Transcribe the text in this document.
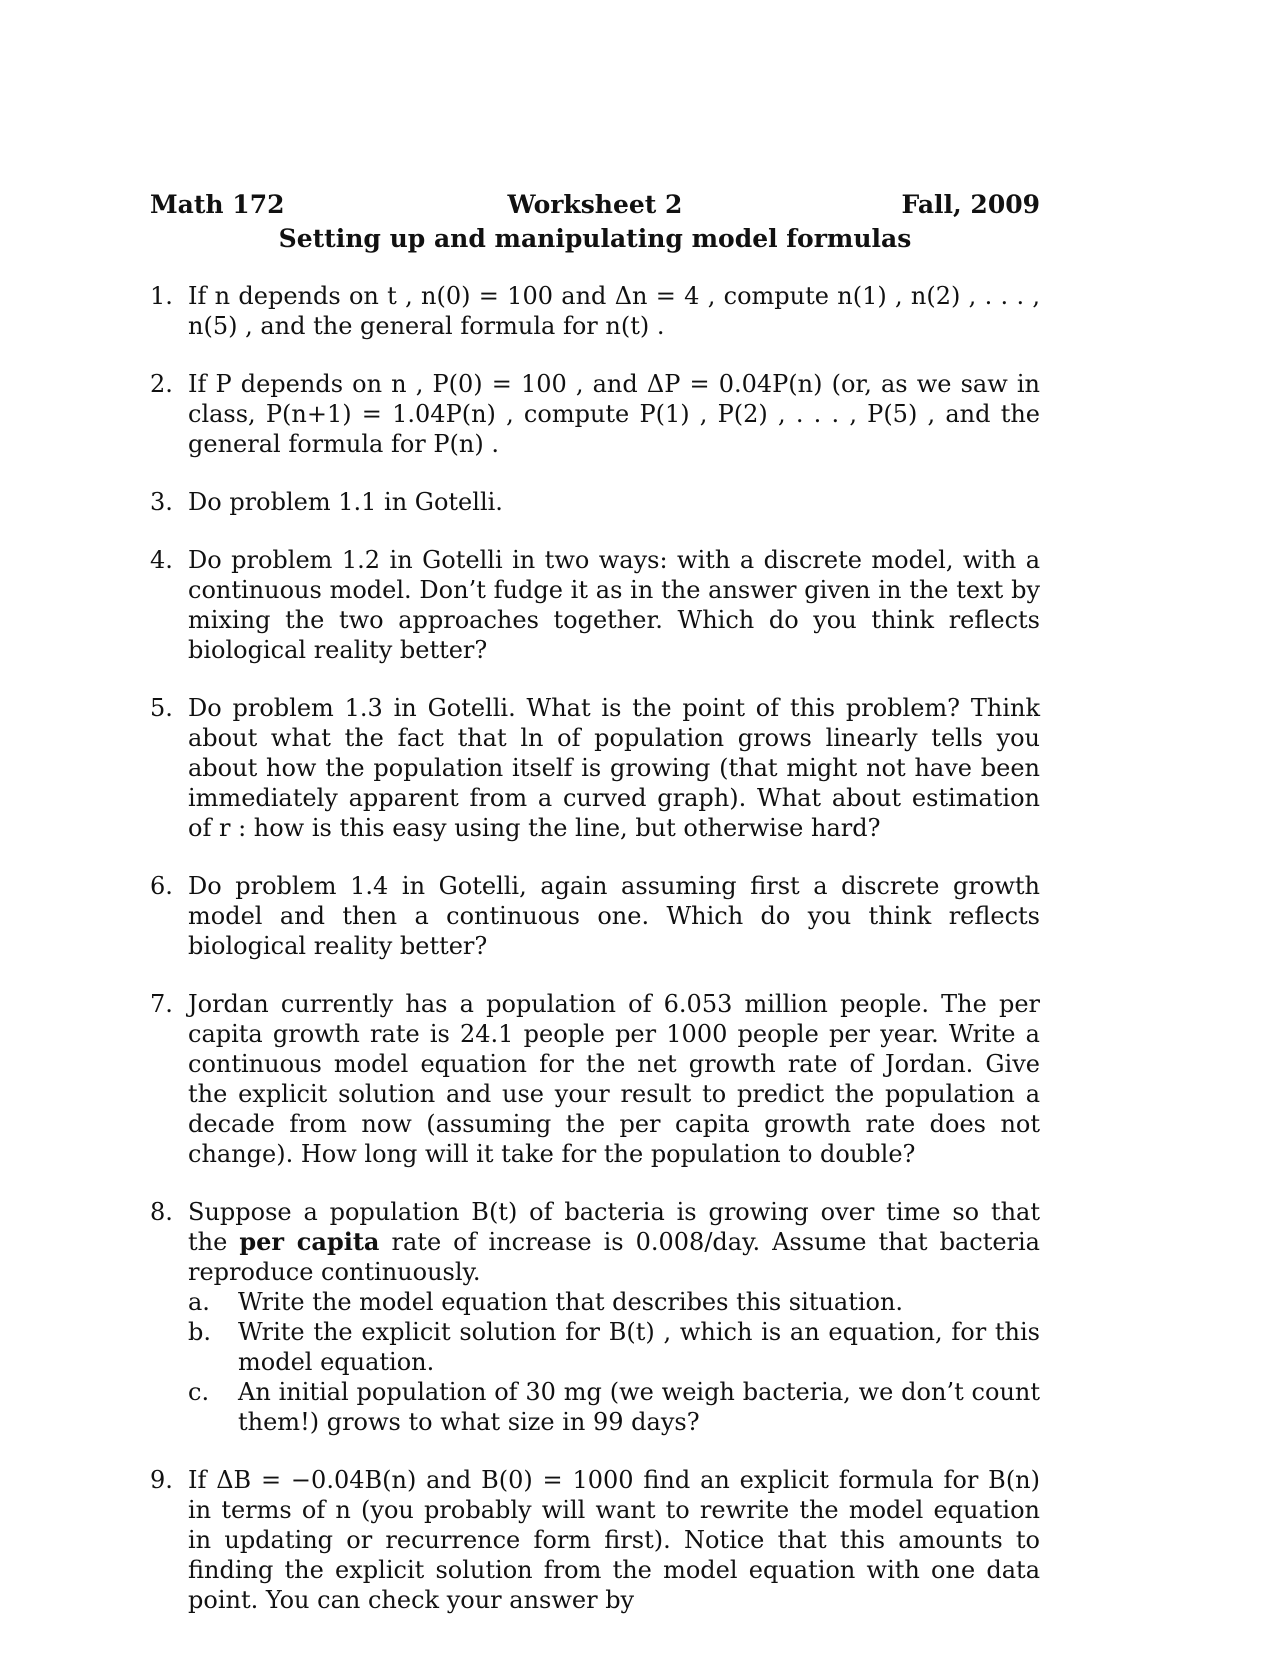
Math 172	Worksheet 2	Fall, 2009
Setting up and manipulating model formulas
1. If n depends on t , n(0) = 100 and Δn = 4 , compute n(1) , n(2) , . . . , n(5) , and the general formula for n(t) .
2. If P depends on n , P(0) = 100 , and ΔP = 0.04P(n) (or, as we saw in class, P(n+1) = 1.04P(n) , compute P(1) , P(2) , . . . , P(5) , and the general formula for P(n) .
3. Do problem 1.1 in Gotelli.
4. Do problem 1.2 in Gotelli in two ways: with a discrete model, with a continuous model. Don’t fudge it as in the answer given in the text by mixing the two approaches together. Which do you think reflects biological reality better?
5. Do problem 1.3 in Gotelli. What is the point of this problem? Think about what the fact that ln of population grows linearly tells you about how the population itself is growing (that might not have been immediately apparent from a curved graph). What about estimation of r : how is this easy using the line, but otherwise hard?
6. Do problem 1.4 in Gotelli, again assuming first a discrete growth model and then a continuous one. Which do you think reflects biological reality better?
7. Jordan currently has a population of 6.053 million people. The per capita growth rate is 24.1 people per 1000 people per year. Write a continuous model equation for the net growth rate of Jordan. Give the explicit solution and use your result to predict the population a decade from now (assuming the per capita growth rate does not change). How long will it take for the population to double?
8. Suppose a population B(t) of bacteria is growing over time so that the per capita rate of increase is 0.008/day. Assume that bacteria reproduce continuously.
a. Write the model equation that describes this situation.
b. Write the explicit solution for B(t) , which is an equation, for this model equation.
c. An initial population of 30 mg (we weigh bacteria, we don’t count them!) grows to what size in 99 days?
9. If ΔB = −0.04B(n) and B(0) = 1000 find an explicit formula for B(n) in terms of n (you probably will want to rewrite the model equation in updating or recurrence form first). Notice that this amounts to finding the explicit solution from the model equation with one data point. You can check your answer by
